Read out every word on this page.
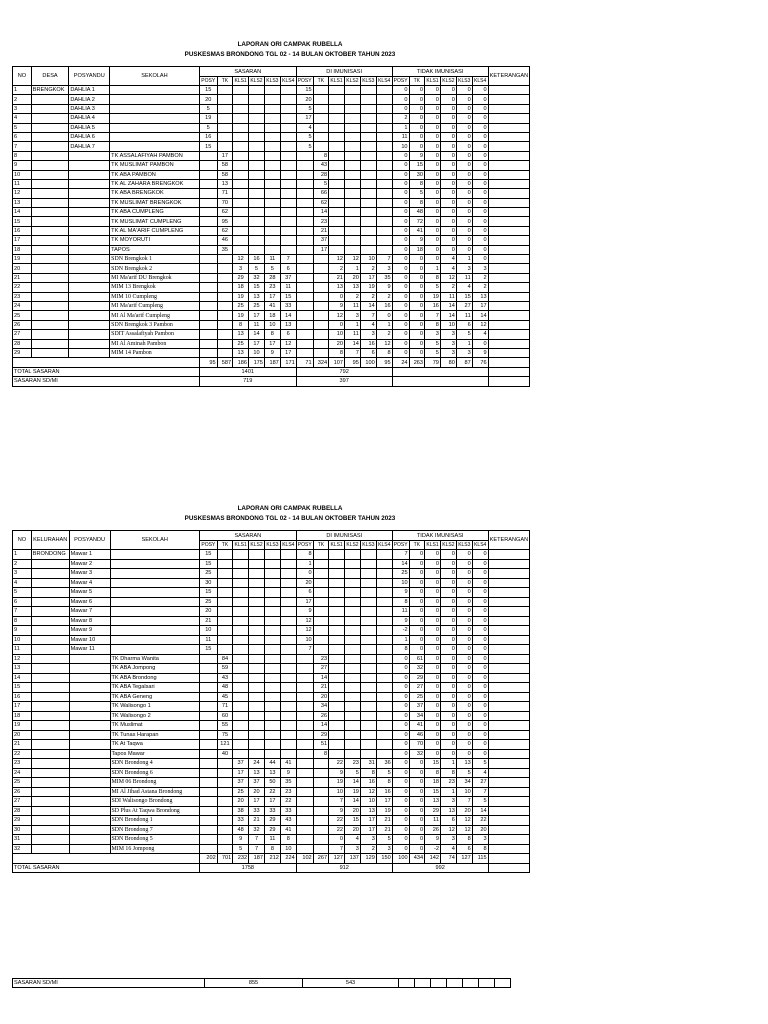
LAPORAN ORI CAMPAK RUBELLA
PUSKESMAS BRONDONG TGL 02 - 14 BULAN OKTOBER TAHUN 2023
NO	DESA	POSYANDU	SEKOLAH	SASARAN						DI IMUNISASI						TIDAK IMUNISASI						KETERANGAN
				POSY	TK	KLS1	KLS2	KLS3	KLS4	POSY	TK	KLS1	KLS2	KLS3	KLS4	POSY	TK	KLS1	KLS2	KLS3	KLS4	
1	BRENGKOK	DAHLIA 1		15						15						0	0	0	0	0	0	
2		DAHLIA 2		20						20						0	0	0	0	0	0	
3		DAHLIA 3		5						5						0	0	0	0	0	0	
4		DAHLIA 4		19						17						2	0	0	0	0	0	
5		DAHLIA 5		5						4						1	0	0	0	0	0	
6		DAHLIA 6		16						5						11	0	0	0	0	0	
7		DAHLIA 7		15						5						10	0	0	0	0	0	
8			TK ASSALAFIYAH PAMBON		17						8					0	9	0	0	0	0	
9			TK MUSLIMAT PAMBON		58						43					0	15	0	0	0	0	
10			TK ABA PAMBON		58						28					0	30	0	0	0	0	
11			TK AL ZAHARA BRENGKOK		13						5					0	8	0	0	0	0	
12			TK ABA BRENGKOK		71						66					0	5	0	0	0	0	
13			TK MUSLIMAT BRENGKOK		70						62					0	8	0	0	0	0	
14			TK ABA CUMPLENG		62						14					0	48	0	0	0	0	
15			TK MUSLIMAT CUMPLENG		95						23					0	72	0	0	0	0	
16			TK AL MA'ARIF CUMPLENG		62						21					0	41	0	0	0	0	
17			TK MOYORUTI		46						37					0	9	0	0	0	0	
18			TAPOS		35						17					0	18	0	0	0	0	
19			SDN Brengkok 1			12	16	11	7			12	12	10	7	0	0	0	4	1	0	
20			SDN Brengkok 2			3	5	5	6			2	1	2	3	0	0	1	4	3	3	
21			MI Ma'arif DU Brengkok			29	32	28	37			21	20	17	35	0	0	8	12	11	2	
22			MIM 13 Brengkok			18	15	23	11			13	13	19	9	0	0	5	2	4	2	
23			MIM 10 Cumpleng			19	13	17	15			0	2	2	2	0	0	19	11	15	13	
24			MI Ma'arif Cumpleng			25	25	41	33			9	11	14	16	0	0	16	14	27	17	
25			MI Al Ma'arif Cumpleng			19	17	18	14			12	3	7	0	0	0	7	14	11	14	
26			SDN Brengkok 3 Pambon			8	11	10	13			0	1	4	1	0	0	8	10	6	12	
27			SDIT Assalafiyah Pambon			13	14	8	6			10	11	3	2	0	0	3	3	5	4	
28			MI Al Aminah Pambon			25	17	17	12			20	14	16	12	0	0	5	3	1	0	
29			MIM 14 Pambon			13	10	9	17			8	7	6	8	0	0	5	3	3	9	
				95	587	186	175	187	171	71	324	107	95	100	95	24	263	79	80	87	76	
TOTAL SASARAN				1401						792												
SASARAN SD/MI				719						397												
LAPORAN ORI CAMPAK RUBELLA
PUSKESMAS BRONDONG TGL 02 - 14 BULAN OKTOBER TAHUN 2023
NO	KELURAHAN	POSYANDU	SEKOLAH	SASARAN						DI IMUNISASI						TIDAK IMUNISASI						KETERANGAN
				POSY	TK	KLS1	KLS2	KLS3	KLS4	POSY	TK	KLS1	KLS2	KLS3	KLS4	POSY	TK	KLS1	KLS2	KLS3	KLS4	
1	BRONDONG	Mawar 1		15						8						7	0	0	0	0	0	
2		Mawar 2		15						1						14	0	0	0	0	0	
3		Mawar 3		25						0						25	0	0	0	0	0	
4		Mawar 4		30						20						10	0	0	0	0	0	
5		Mawar 5		15						6						9	0	0	0	0	0	
6		Mawar 6		25						17						8	0	0	0	0	0	
7		Mawar 7		20						9						11	0	0	0	0	0	
8		Mawar 8		21						12						9	0	0	0	0	0	
9		Mawar 9		10						12						-2	0	0	0	0	0	
10		Mawar 10		11						10						1	0	0	0	0	0	
11		Mawar 11		15						7						8	0	0	0	0	0	
12			TK Dharma Wanita		84						23					0	61	0	0	0	0	
13			TK ABA Jompong		59						27					0	32	0	0	0	0	
14			TK ABA Brondong		43						14					0	29	0	0	0	0	
15			TK ABA Tegalsari		48						21					0	27	0	0	0	0	
16			TK ABA Geneng		45						20					0	25	0	0	0	0	
17			TK Walisongo 1		71						34					0	37	0	0	0	0	
18			TK Walisongo 2		60						26					0	34	0	0	0	0	
19			TK Muslimat		55						14					0	41	0	0	0	0	
20			TK Tunas Harapan		75						29					0	46	0	0	0	0	
21			TK At Taqwa		121						51					0	70	0	0	0	0	
22			Tapos Mawar		40						8					0	32	0	0	0	0	
23			SDN Brondong 4			37	24	44	41			22	23	31	36	0	0	15	1	13	5	
24			SDN Brondong 6			17	13	13	9			9	5	8	5	0	0	8	8	5	4	
25			MIM 06 Brondong			37	37	50	35			19	14	16	8	0	0	18	23	34	27	
26			MI Al Jihad Astana Brondong			25	20	22	23			10	19	12	16	0	0	15	1	10	7	
27			SDI Walisongo Brondong			20	17	17	22			7	14	10	17	0	0	13	3	7	5	
28			SD Plus At Taqwa Brondong			38	33	33	33			9	20	13	19	0	0	29	13	20	14	
29			SDN Brondong 1			33	21	29	43			22	15	17	21	0	0	11	6	12	22	
30			SDN Brondong 7			48	32	29	41			22	20	17	21	0	0	26	12	12	20	
31			SDN Brondong 5			9	7	11	8			0	4	3	5	0	0	9	3	8	3	
32			MIM 16 Jompong			5	7	8	10			7	3	2	3	0	0	-2	4	6	8	
				202	701	232	187	212	224	102	267	127	137	129	150	100	434	142	74	127	115	
TOTAL SASARAN				1758						912						992						
SASARAN SD/MI	855	543							
